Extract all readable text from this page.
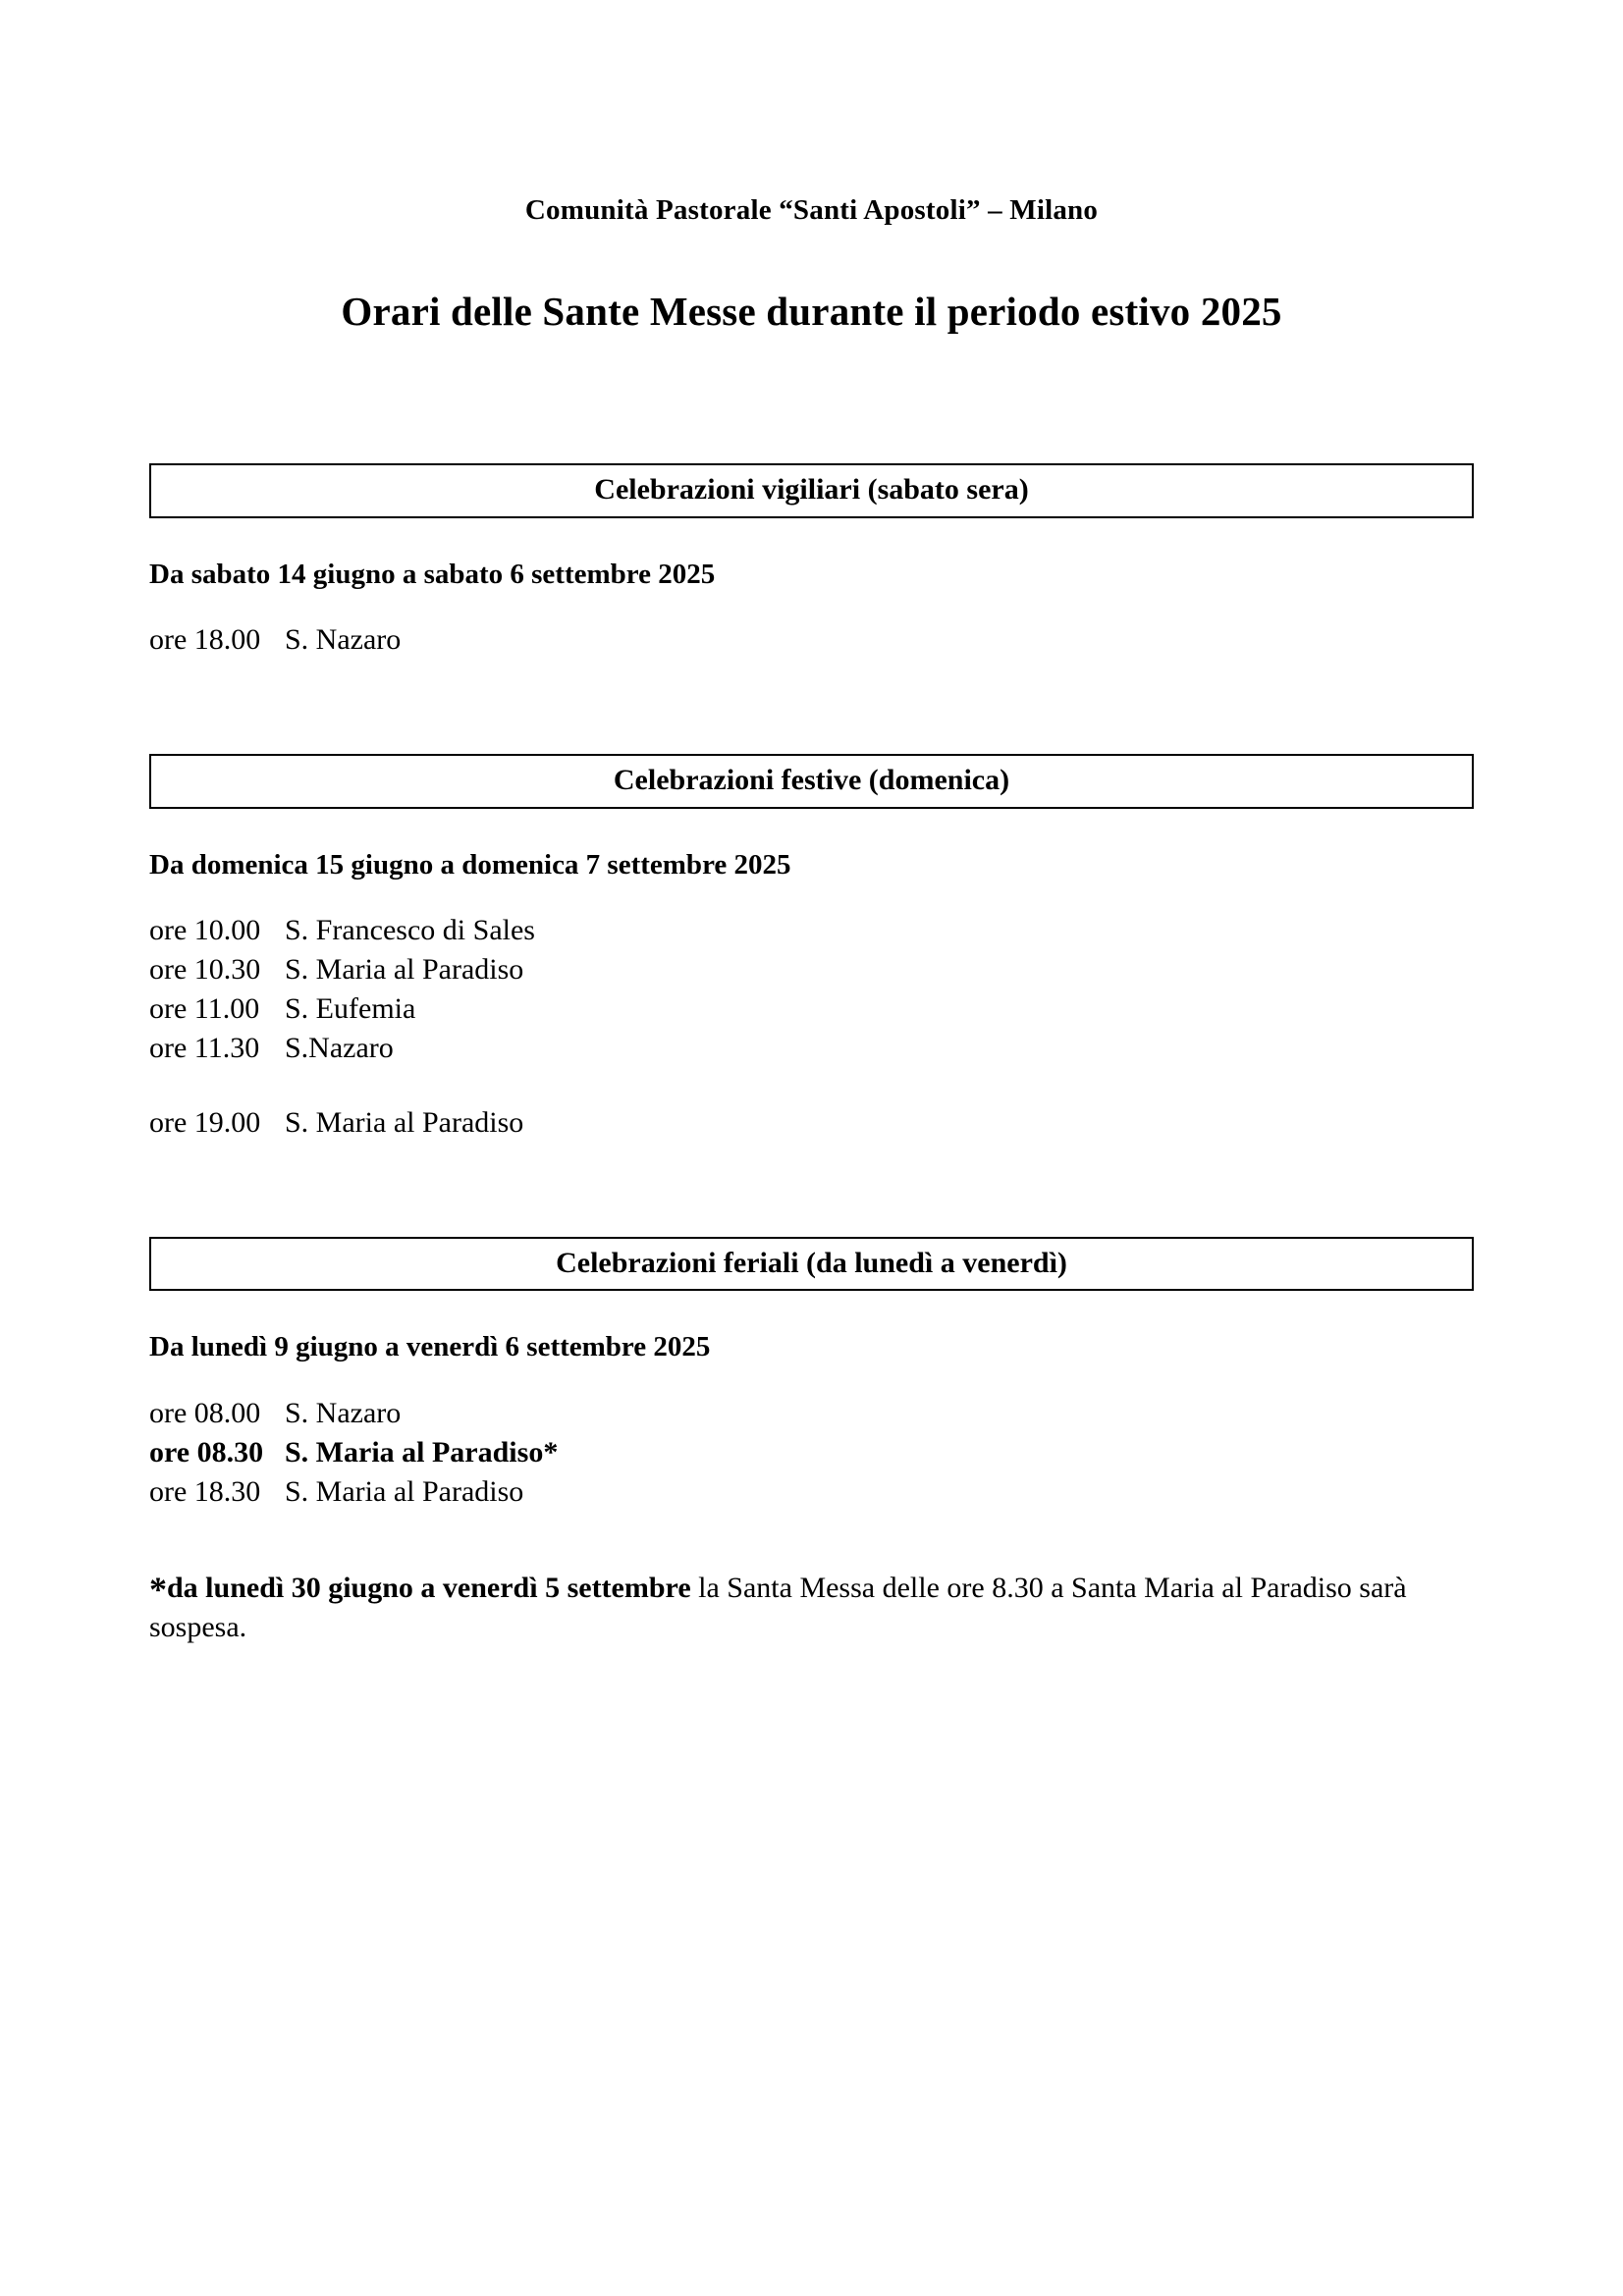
Comunità Pastorale “Santi Apostoli” – Milano
Orari delle Sante Messe durante il periodo estivo 2025
Celebrazioni vigiliari (sabato sera)
Da sabato 14 giugno a sabato 6 settembre 2025
ore 18.00 S. Nazaro
Celebrazioni festive (domenica)
Da domenica 15 giugno a domenica 7 settembre 2025
ore 10.00 S. Francesco di Sales
ore 10.30 S. Maria al Paradiso
ore 11.00 S. Eufemia
ore 11.30 S.Nazaro
ore 19.00 S. Maria al Paradiso
Celebrazioni feriali (da lunedì a venerdì)
Da lunedì 9 giugno a venerdì 6 settembre 2025
ore 08.00 S. Nazaro
ore 08.30 S. Maria al Paradiso*
ore 18.30 S. Maria al Paradiso

*da lunedì 30 giugno a venerdì 5 settembre la Santa Messa delle ore 8.30 a Santa Maria al Paradiso sarà sospesa.
